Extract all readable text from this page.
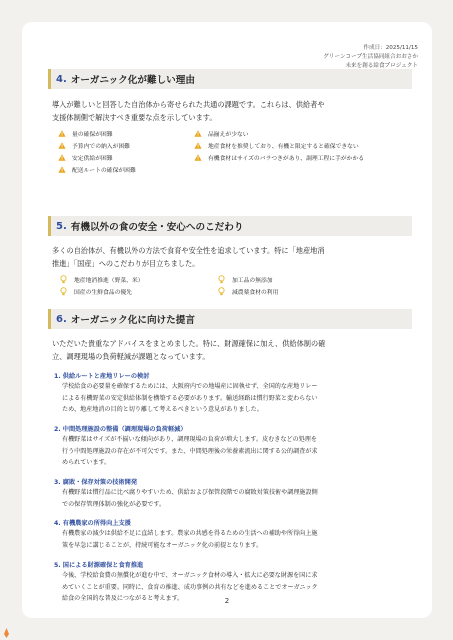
作成日：2025/11/15
グリーンコープ生活協同組合おおさか
未来を創る給食プロジェクト
4. オーガニック化が難しい理由
導入が難しいと回答した自治体から寄せられた共通の課題です。これらは、供給者や
支援体制側で解決すべき重要な点を示しています。
量の確保が困難
予算内での納入が困難
安定供給が困難
配送ルートの確保が困難
品揃えが少ない
地産食材を推奨しており、有機と限定すると確保できない
有機食材はサイズのバラつきがあり、調理工程に手がかかる
5. 有機以外の食の安全・安心へのこだわり
多くの自治体が、有機以外の方法で食育や安全性を追求しています。特に「地産地消
推進」「国産」へのこだわりが目立ちました。
地産地消推進（野菜、米）
国産の生鮮食品の優先
加工品の無添加
減農薬食材の利用
6. オーガニック化に向けた提言
いただいた貴重なアドバイスをまとめました。特に、財源確保に加え、供給体制の確
立、調理現場の負荷軽減が課題となっています。
1. 供給ルートと産地リレーの検討
学校給食の必要量を確保するためには、大阪府内での地場産に固執せず、全国的な産地リレー
による有機野菜の安定供給体制を構築する必要があります。輸送経路は慣行野菜と変わらない
ため、地産地消の目的と切り離して考えるべきという意見がありました。
2. 中間処理施設の整備（調理現場の負荷軽減）
有機野菜はサイズが不揃いな傾向があり、調理現場の負荷が増大します。皮むきなどの処理を
行う中間処理施設の存在が不可欠です。また、中間処理後の栄養素流出に関する公的調査が求
められています。
3. 腐敗・保存対策の技術開発
有機野菜は慣行品に比べ腐りやすいため、供給および保管段階での腐敗対策技術や調理施設側
での保存管理体制の強化が必要です。
4. 有機農家の所得向上支援
有機農家の減少は供給不足に直結します。農家の共感を得るための生活への補助や所得向上施
策を早急に講じることが、持続可能なオーガニック化の前提となります。
5. 国による財源確保と食育推進
今後、学校給食費の無償化が進む中で、オーガニック食材の導入・拡大に必要な財源を国に求
めていくことが重要。同時に、食育の推進、成功事例の共有などを進めることでオーガニック
給食の全国的な普及につながると考えます。	2
